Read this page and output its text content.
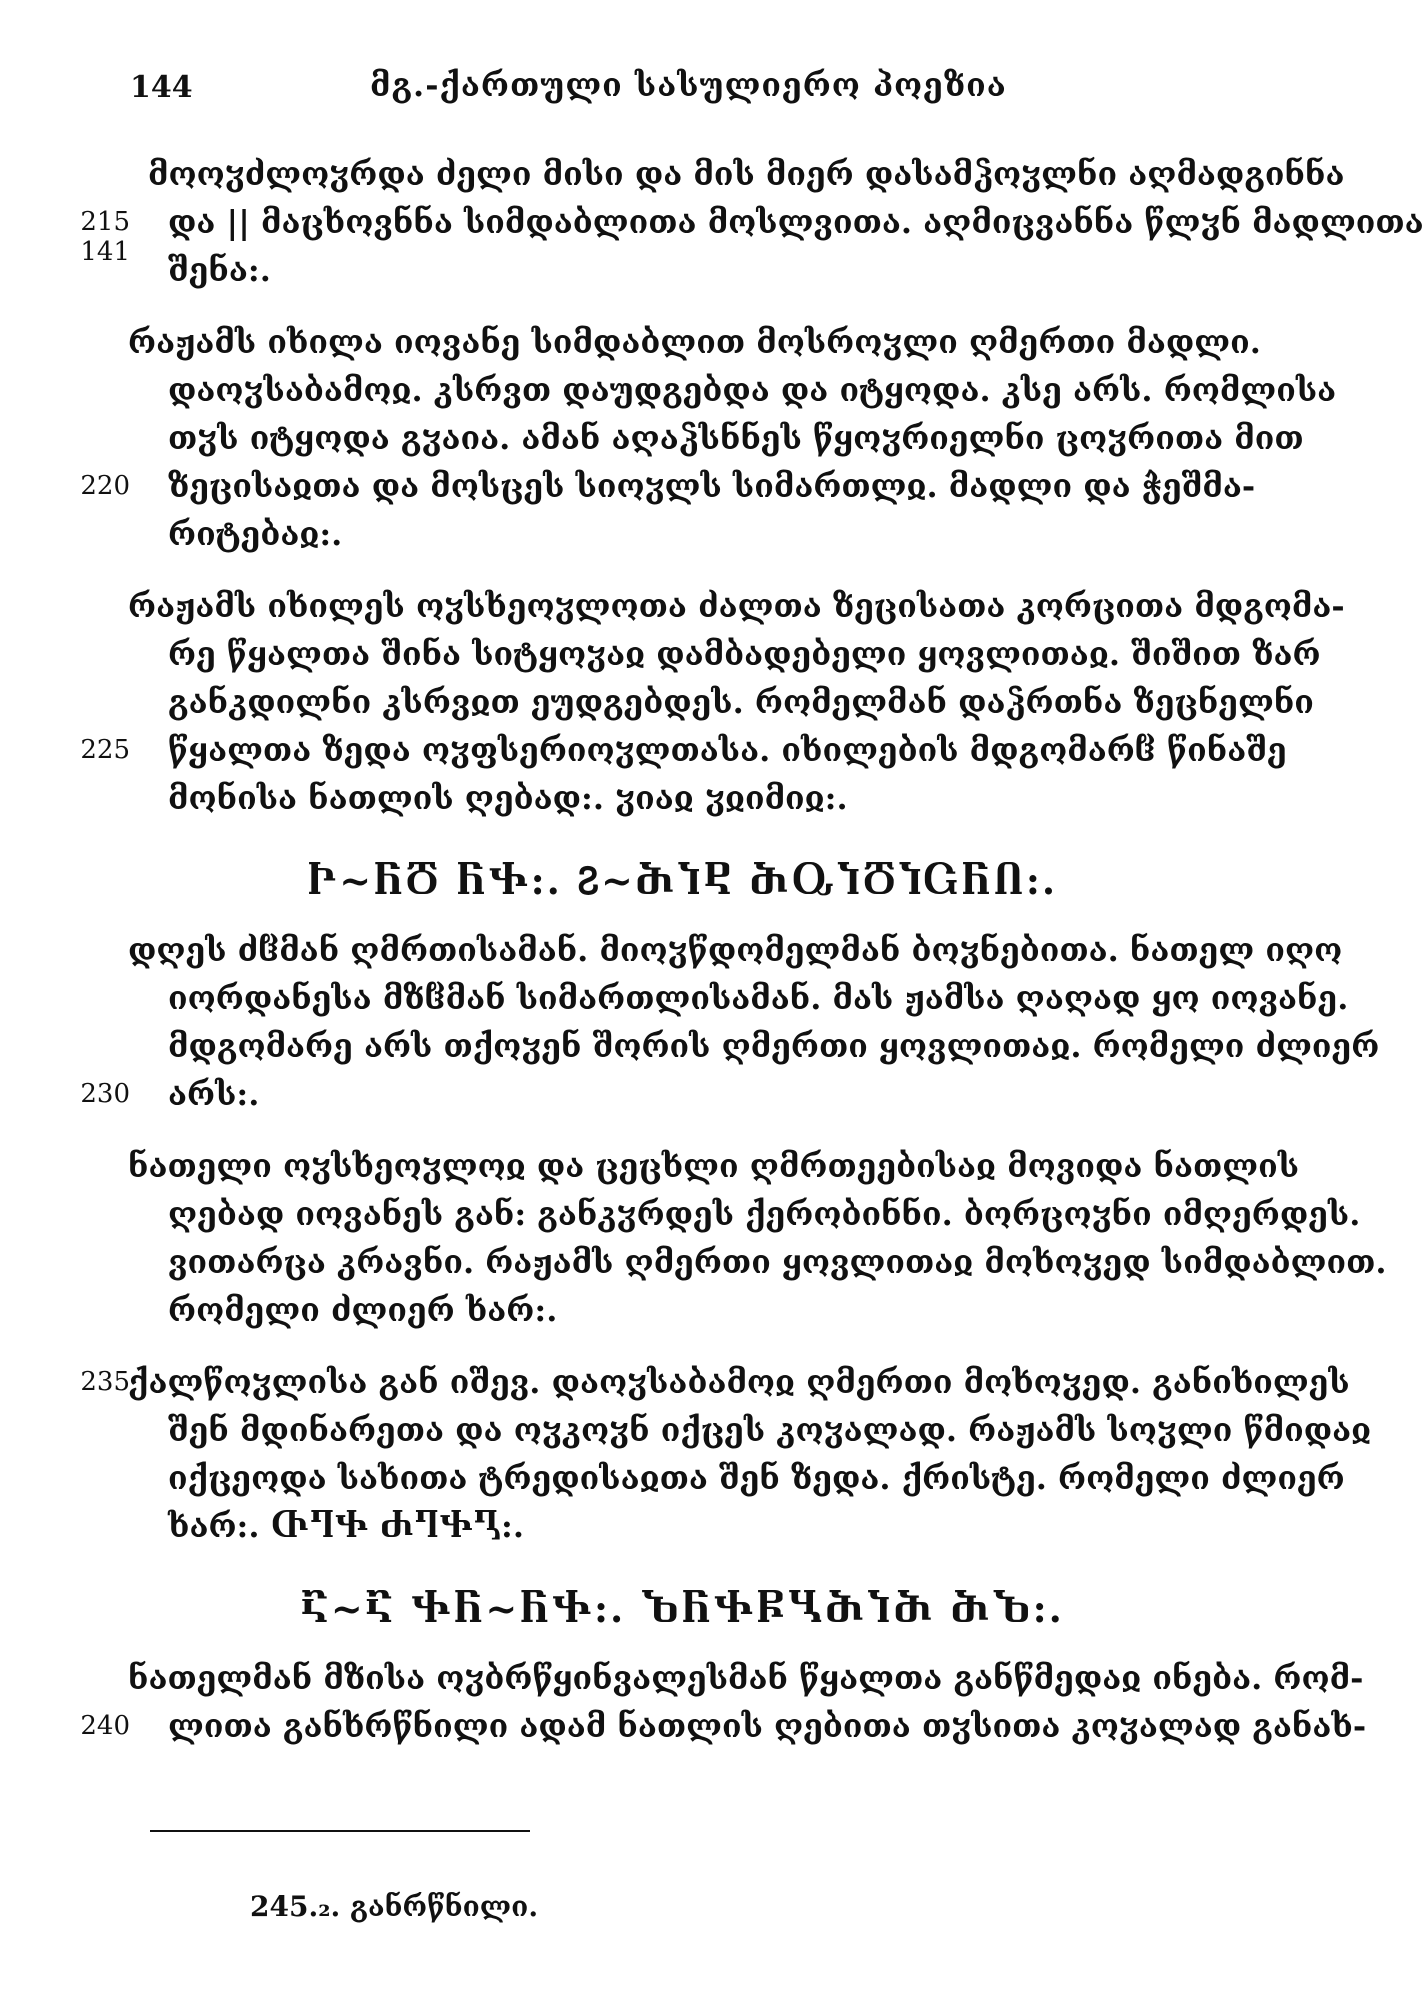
144	მგ.-ქართული სასულიერო პოეზია
მოოჳძლოჳრდა ძელი მისი და მის მიერ დასამჴოჳლნი აღმადგინნა
215
141
და || მაცხოვნნა სიმდაბლითა მოსლვითა. აღმიცვანნა წლჳნ მადლითა
შენა:.
რაჟამს იხილა იოვანე სიმდაბლით მოსროჳლი ღმერთი მადლი.
დაოჳსაბამოჲ. კსრვთ დაუდგებდა და იტყოდა. კსე არს. რომლისა
თჳს იტყოდა გჳაია. ამან აღაჴსნნეს წყოჳრიელნი ცოჳრითა მით
220 ზეცისაჲთა და მოსცეს სიოჳლს სიმართლჲ. მადლი და ჭეშმა-
რიტებაჲ:.
რაჟამს იხილეს ოჳსხეოჳლოთა ძალთა ზეცისათა კორცითა მდგომა-
რე წყალთა შინა სიტყოჳაჲ დამბადებელი ყოვლითაჲ. შიშით ზარ
განკდილნი კსრვჲთ ეუდგებდეს. რომელმან დაჴრთნა ზეცნელნი
225 წყალთა ზედა ოჳფსერიოჳლთასა. იხილების მდგომარჱ წინაშე
მონისა ნათლის ღებად:. ჳიაჲ ჳჲიმიჲ:.
Ⴡ~ႬႣ ႬႵ:. Ⴧ~ႫႨႲ ႫႭႨႣႨႺႬႶ:.
დღეს ძჱმან ღმრთისამან. მიოჳწდომელმან ბოჳნებითა. ნათელ იღო
იორდანესა მზჱმან სიმართლისამან. მას ჟამსა ღაღად ყო იოვანე.
მდგომარე არს თქოჳენ შორის ღმერთი ყოვლითაჲ. რომელი ძლიერ
230 არს:.
ნათელი ოჳსხეოჳლოჲ და ცეცხლი ღმრთეებისაჲ მოვიდა ნათლის
ღებად იოვანეს გან: განკჳრდეს ქერობინნი. ბორცოჳნი იმღერდეს.
ვითარცა კრავნი. რაჟამს ღმერთი ყოვლითაჲ მოხოჳედ სიმდაბლით.
რომელი ძლიერ ხარ:.
235
ქალწოჳლისა გან იშევ. დაოჳსაბამოჲ ღმერთი მოხოჳედ. განიხილეს
შენ მდინარეთა და ოჳკოჳნ იქცეს კოჳალად. რაჟამს სოჳლი წმიდაჲ
იქცეოდა სახითა ტრედისაჲთა შენ ზედა. ქრისტე. რომელი ძლიერ
ხარ:. ႧႤႵ ႻႤႵႢ:.
Ⴀ~Ⴀ ႵႬ~ႬႵ:. ႦႬႵႼႡႫႨႫ ႫႦ:.
ნათელმან მზისა ოჳბრწყინვალესმან წყალთა განწმედაჲ ინება. რომ-
240 ლითა განხრწნილი ადამ ნათლის ღებითა თჳსითა კოჳალად განახ-
245.₂. განრწნილი.
